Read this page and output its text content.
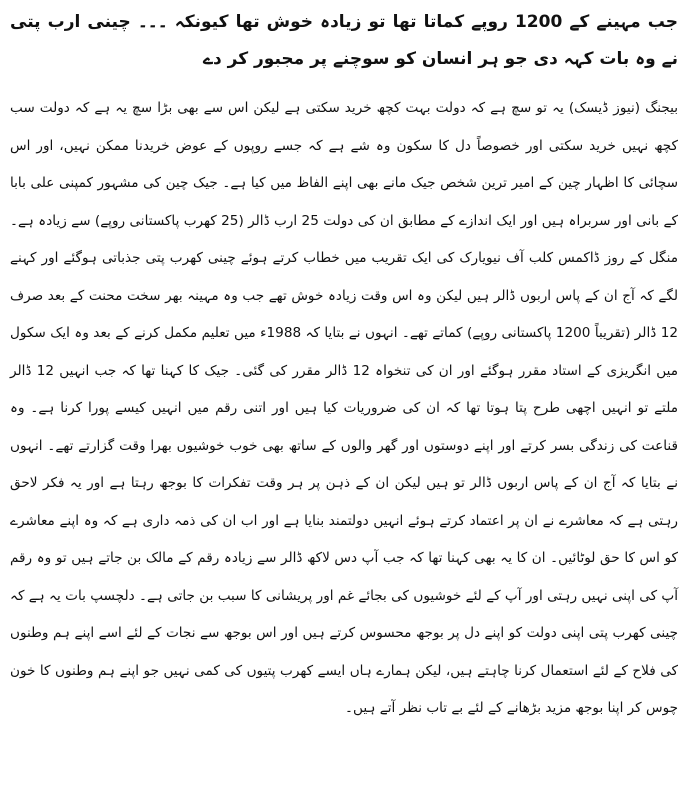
جب مہینے کے 1200 روپے کماتا تھا تو زیادہ خوش تھا کیونکہ ۔۔۔ چینی ارب پتی نے وہ بات کہہ دی جو ہر انسان کو سوچنے پر مجبور کر دے

بیجنگ (نیوز ڈیسک) یہ تو سچ ہے کہ دولت بہت کچھ خرید سکتی ہے لیکن اس سے بھی بڑا سچ یہ ہے کہ دولت سب کچھ نہیں خرید سکتی اور خصوصاً دل کا سکون وہ شے ہے کہ جسے روپوں کے عوض خریدنا ممکن نہیں، اور اس سچائی کا اظہار چین کے امیر ترین شخص جیک مانے بھی اپنے الفاظ میں کیا ہے۔ جیک چین کی مشہور کمپنی علی بابا کے بانی اور سربراہ ہیں اور ایک اندازے کے مطابق ان کی دولت 25 ارب ڈالر (25 کھرب پاکستانی روپے) سے زیادہ ہے۔ منگل کے روز ڈاکمس کلب آف نیویارک کی ایک تقریب میں خطاب کرتے ہوئے چینی کھرب پتی جذباتی ہوگئے اور کہنے لگے کہ آج ان کے پاس اربوں ڈالر ہیں لیکن وہ اس وقت زیادہ خوش تھے جب وہ مہینہ بھر سخت محنت کے بعد صرف 12 ڈالر (تقریباً 1200 پاکستانی روپے) کماتے تھے۔ انہوں نے بتایا کہ 1988ء میں تعلیم مکمل کرنے کے بعد وہ ایک سکول میں انگریزی کے استاد مقرر ہوگئے اور ان کی تنخواہ 12 ڈالر مقرر کی گئی۔ جیک کا کہنا تھا کہ جب انہیں 12 ڈالر ملتے تو انہیں اچھی طرح پتا ہوتا تھا کہ ان کی ضروریات کیا ہیں اور اتنی رقم میں انہیں کیسے پورا کرنا ہے۔ وہ قناعت کی زندگی بسر کرتے اور اپنے دوستوں اور گھر والوں کے ساتھ بھی خوب خوشیوں بھرا وقت گزارتے تھے۔ انہوں نے بتایا کہ آج ان کے پاس اربوں ڈالر تو ہیں لیکن ان کے ذہن پر ہر وقت تفکرات کا بوجھ رہتا ہے اور یہ فکر لاحق رہتی ہے کہ معاشرے نے ان پر اعتماد کرتے ہوئے انہیں دولتمند بنایا ہے اور اب ان کی ذمہ داری ہے کہ وہ اپنے معاشرے کو اس کا حق لوٹائیں۔ ان کا یہ بھی کہنا تھا کہ جب آپ دس لاکھ ڈالر سے زیادہ رقم کے مالک بن جاتے ہیں تو وہ رقم آپ کی اپنی نہیں رہتی اور آپ کے لئے خوشیوں کی بجائے غم اور پریشانی کا سبب بن جاتی ہے۔ دلچسپ بات یہ ہے کہ چینی کھرب پتی اپنی دولت کو اپنے دل پر بوجھ محسوس کرتے ہیں اور اس بوجھ سے نجات کے لئے اسے اپنے ہم وطنوں کی فلاح کے لئے استعمال کرنا چاہتے ہیں، لیکن ہمارے ہاں ایسے کھرب پتیوں کی کمی نہیں جو اپنے ہم وطنوں کا خون چوس کر اپنا بوجھ مزید بڑھانے کے لئے بے تاب نظر آتے ہیں۔
